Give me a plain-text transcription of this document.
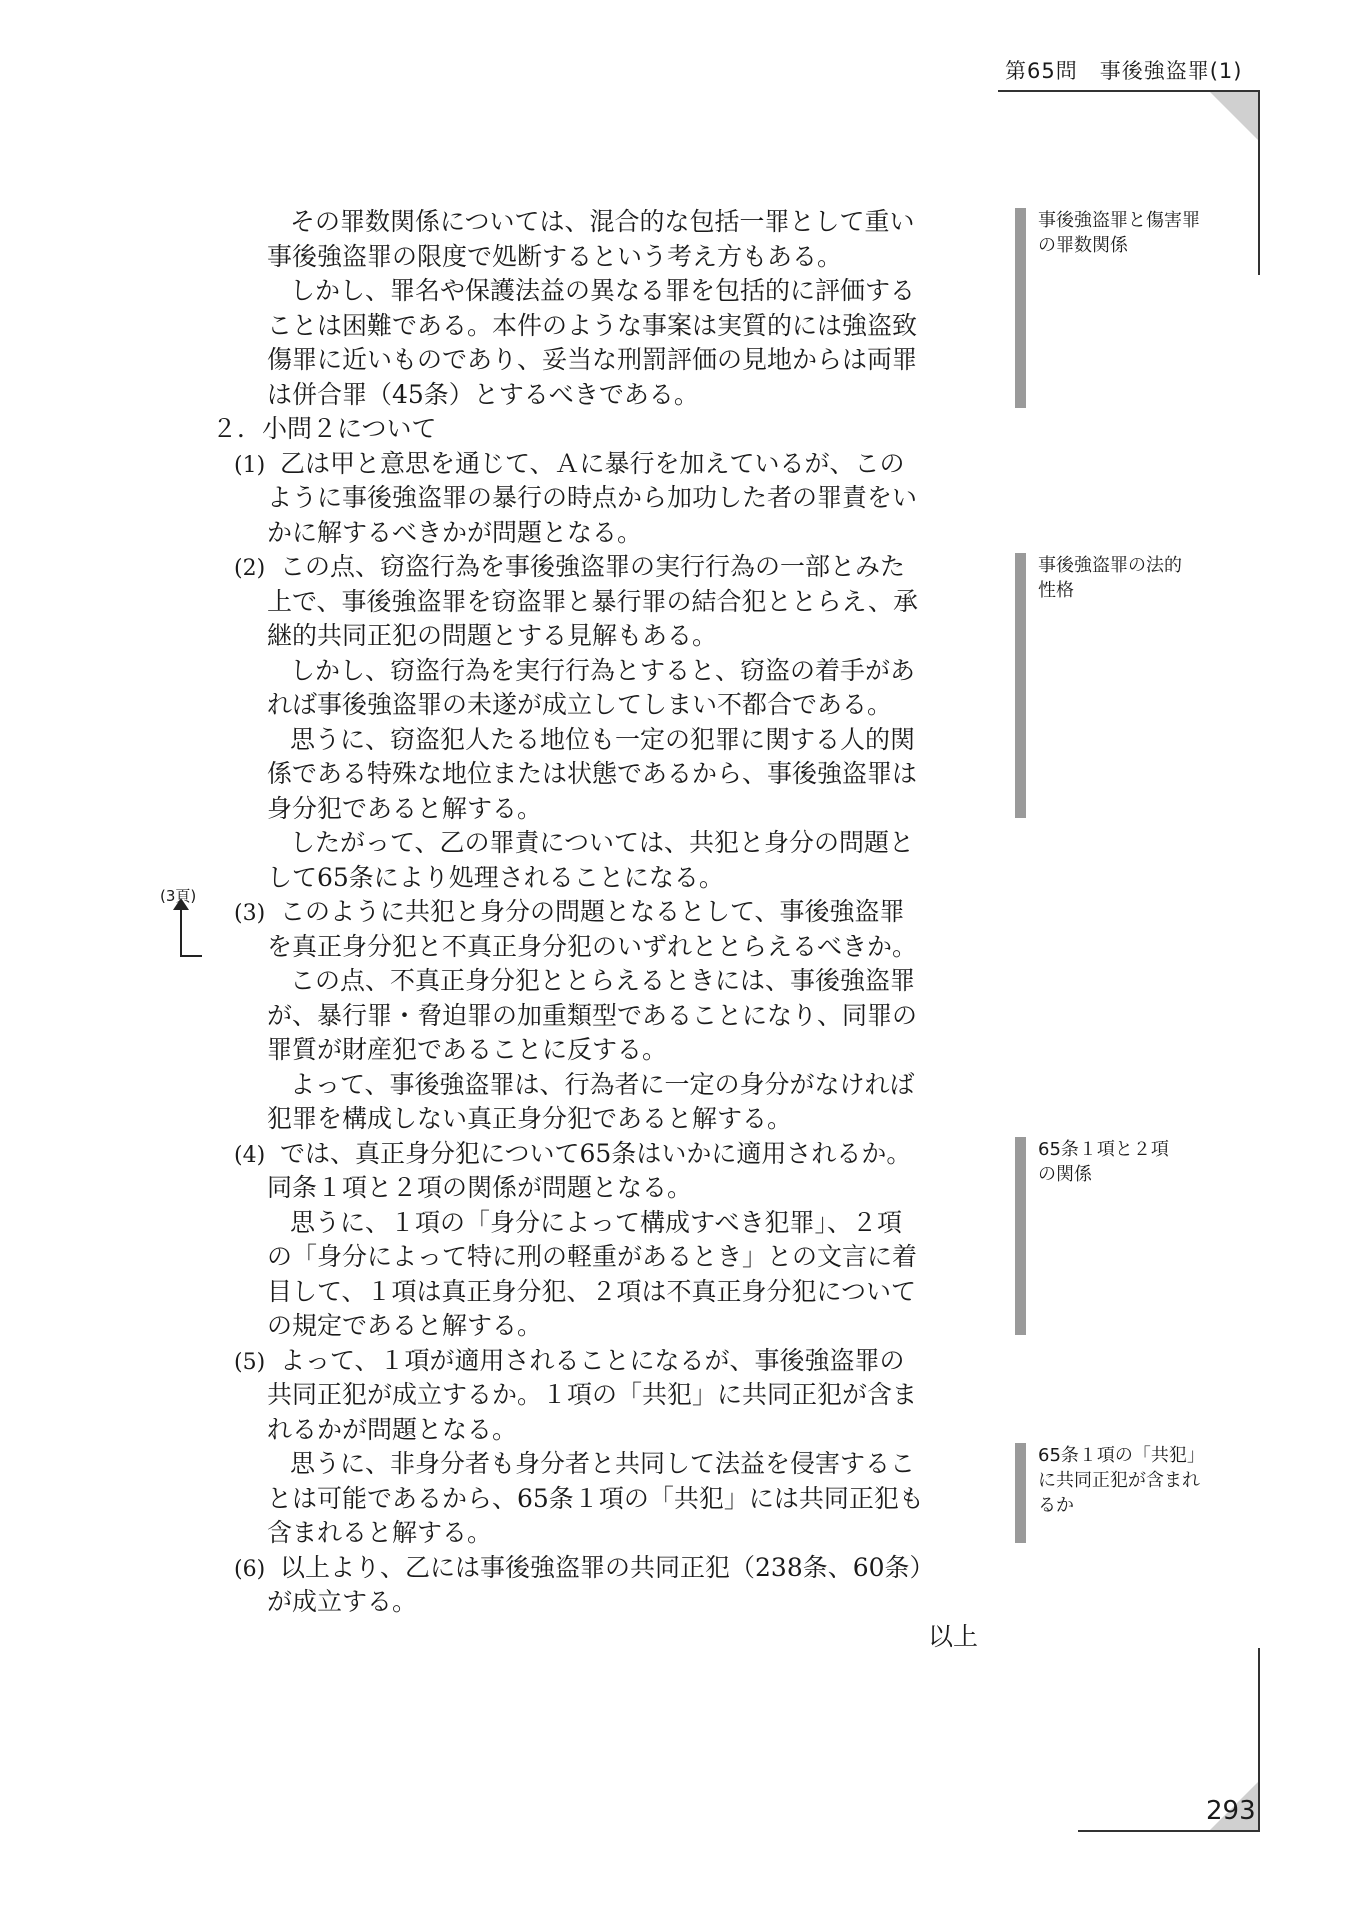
第65問　事後強盗罪(1)
その罪数関係については、混合的な包括一罪として重い
事後強盗罪の限度で処断するという考え方もある。
しかし、罪名や保護法益の異なる罪を包括的に評価する
ことは困難である。本件のような事案は実質的には強盗致
傷罪に近いものであり、妥当な刑罰評価の見地からは両罪
は併合罪（45条）とするべきである。
２．小問２について
(1) 乙は甲と意思を通じて、Ａに暴行を加えているが、この
ように事後強盗罪の暴行の時点から加功した者の罪責をい
かに解するべきかが問題となる。
(2) この点、窃盗行為を事後強盗罪の実行行為の一部とみた
上で、事後強盗罪を窃盗罪と暴行罪の結合犯ととらえ、承
継的共同正犯の問題とする見解もある。
しかし、窃盗行為を実行行為とすると、窃盗の着手があ
れば事後強盗罪の未遂が成立してしまい不都合である。
思うに、窃盗犯人たる地位も一定の犯罪に関する人的関
係である特殊な地位または状態であるから、事後強盗罪は
身分犯であると解する。
したがって、乙の罪責については、共犯と身分の問題と
して65条により処理されることになる。
(3) このように共犯と身分の問題となるとして、事後強盗罪
を真正身分犯と不真正身分犯のいずれととらえるべきか。
この点、不真正身分犯ととらえるときには、事後強盗罪
が、暴行罪・脅迫罪の加重類型であることになり、同罪の
罪質が財産犯であることに反する。
よって、事後強盗罪は、行為者に一定の身分がなければ
犯罪を構成しない真正身分犯であると解する。
(4) では、真正身分犯について65条はいかに適用されるか。
同条１項と２項の関係が問題となる。
思うに、１項の「身分によって構成すべき犯罪」、２項
の「身分によって特に刑の軽重があるとき」との文言に着
目して、１項は真正身分犯、２項は不真正身分犯について
の規定であると解する。
(5) よって、１項が適用されることになるが、事後強盗罪の
共同正犯が成立するか。１項の「共犯」に共同正犯が含ま
れるかが問題となる。
思うに、非身分者も身分者と共同して法益を侵害するこ
とは可能であるから、65条１項の「共犯」には共同正犯も
含まれると解する。
(6) 以上より、乙には事後強盗罪の共同正犯（238条、60条）
が成立する。
以上
事後強盗罪と傷害罪
の罪数関係
事後強盗罪の法的
性格
65条１項と２項
の関係
65条１項の「共犯」
に共同正犯が含まれ
るか
(3頁)
293
